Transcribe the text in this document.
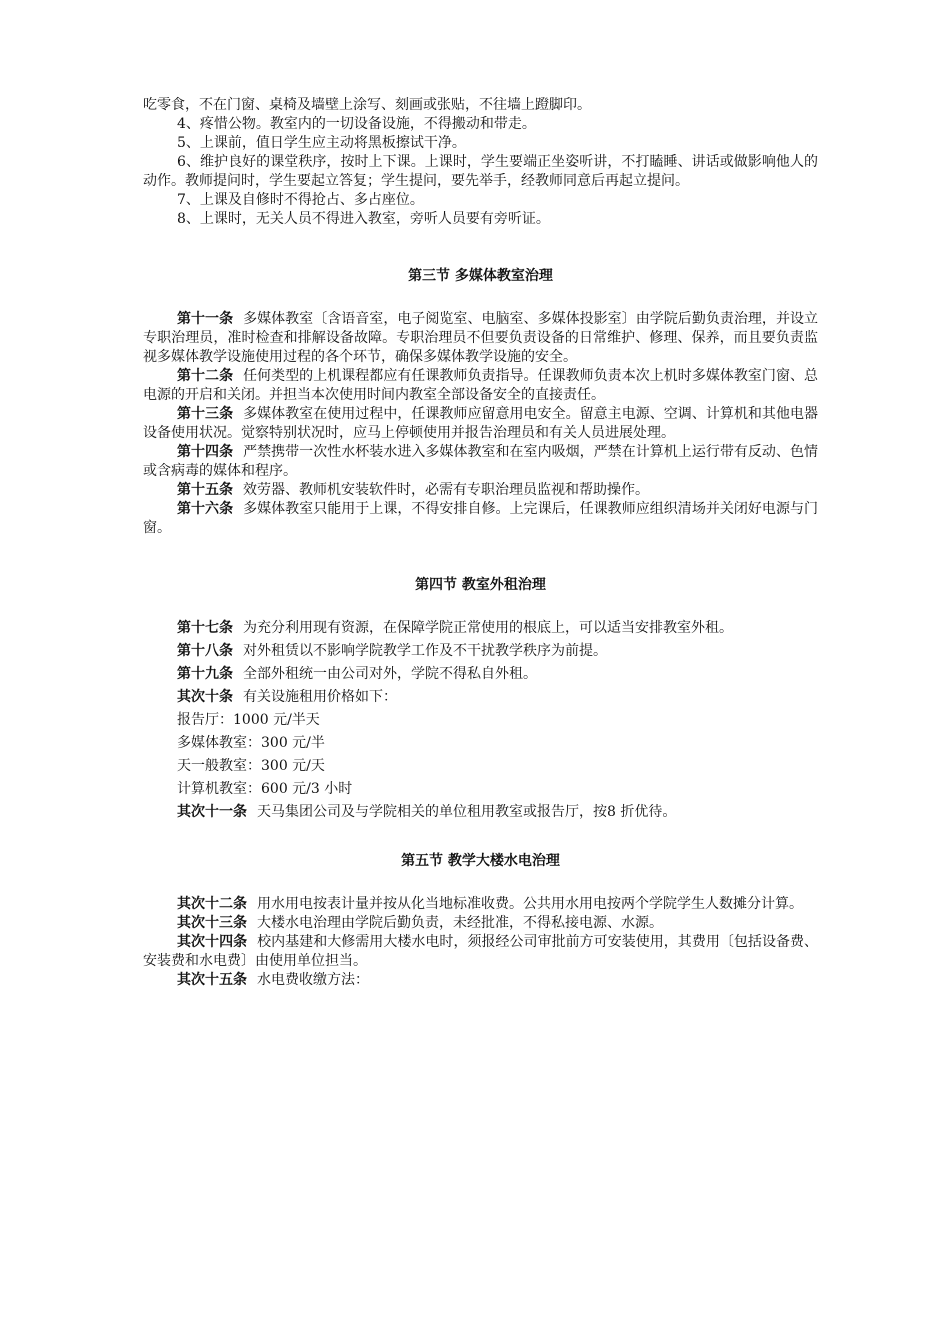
吃零食，不在门窗、桌椅及墙壁上涂写、刻画或张贴，不往墙上蹬脚印。

4、疼惜公物。教室内的一切设备设施，不得搬动和带走。

5、上课前，值日学生应主动将黑板擦试干净。

6、维护良好的课堂秩序，按时上下课。上课时，学生要端正坐姿听讲，不打瞌睡、讲话或做影响他人的动作。教师提问时，学生要起立答复；学生提问，要先举手，经教师同意后再起立提问。

7、上课及自修时不得抢占、多占座位。

8、上课时，无关人员不得进入教室，旁听人员要有旁听证。

第三节 多媒体教室治理

第十一条 多媒体教室〔含语音室，电子阅览室、电脑室、多媒体投影室〕由学院后勤负责治理，并设立专职治理员，准时检查和排解设备故障。专职治理员不但要负责设备的日常维护、修理、保养，而且要负责监视多媒体教学设施使用过程的各个环节，确保多媒体教学设施的安全。

第十二条 任何类型的上机课程都应有任课教师负责指导。任课教师负责本次上机时多媒体教室门窗、总电源的开启和关闭。并担当本次使用时间内教室全部设备安全的直接责任。

第十三条 多媒体教室在使用过程中，任课教师应留意用电安全。留意主电源、空调、计算机和其他电器设备使用状况。觉察特别状况时，应马上停顿使用并报告治理员和有关人员进展处理。

第十四条 严禁携带一次性水杯装水进入多媒体教室和在室内吸烟，严禁在计算机上运行带有反动、色情或含病毒的媒体和程序。

第十五条 效劳器、教师机安装软件时，必需有专职治理员监视和帮助操作。

第十六条 多媒体教室只能用于上课，不得安排自修。上完课后，任课教师应组织清场并关闭好电源与门窗。

第四节 教室外租治理

第十七条 为充分利用现有资源，在保障学院正常使用的根底上，可以适当安排教室外租。

第十八条 对外租赁以不影响学院教学工作及不干扰教学秩序为前提。

第十九条 全部外租统一由公司对外，学院不得私自外租。

其次十条 有关设施租用价格如下：

报告厅：1000 元/半天

多媒体教室：300 元/半

天一般教室：300 元/天

计算机教室：600 元/3 小时

其次十一条 天马集团公司及与学院相关的单位租用教室或报告厅，按8 折优待。

第五节 教学大楼水电治理

其次十二条 用水用电按表计量并按从化当地标准收费。公共用水用电按两个学院学生人数摊分计算。

其次十三条 大楼水电治理由学院后勤负责，未经批准，不得私接电源、水源。

其次十四条 校内基建和大修需用大楼水电时，须报经公司审批前方可安装使用，其费用〔包括设备费、安装费和水电费〕由使用单位担当。

其次十五条 水电费收缴方法：
